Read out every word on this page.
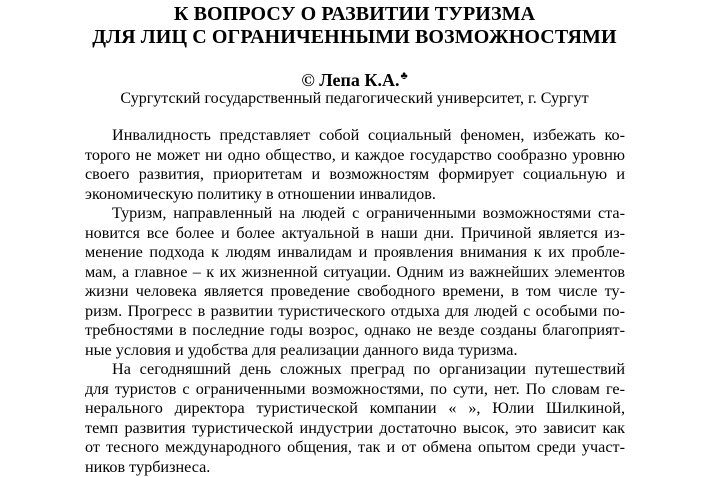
К ВОПРОСУ О РАЗВИТИИ ТУРИЗМА
ДЛЯ ЛИЦ С ОГРАНИЧЕННЫМИ ВОЗМОЖНОСТЯМИ
© Лепа К.А.♣
Сургутский государственный педагогический университет, г. Сургут
Инвалидность представляет собой социальный феномен, избежать ко-
торого не может ни одно общество, и каждое государство сообразно уровню
своего развития, приоритетам и возможностям формирует социальную и
экономическую политику в отношении инвалидов.
Туризм, направленный на людей с ограниченными возможностями ста-
новится все более и более актуальной в наши дни. Причиной является из-
менение подхода к людям инвалидам и проявления внимания к их пробле-
мам, а главное – к их жизненной ситуации. Одним из важнейших элементов
жизни человека является проведение свободного времени, в том числе ту-
ризм. Прогресс в развитии туристического отдыха для людей с особыми по-
требностями в последние годы возрос, однако не везде созданы благоприят-
ные условия и удобства для реализации данного вида туризма.
На сегодняшний день сложных преград по организации путешествий
для туристов с ограниченными возможностями, по сути, нет. По словам ге-
нерального директора туристической компании « », Юлии Шилкиной,
темп развития туристической индустрии достаточно высок, это зависит как
от тесного международного общения, так и от обмена опытом среди участ-
ников турбизнеса.
